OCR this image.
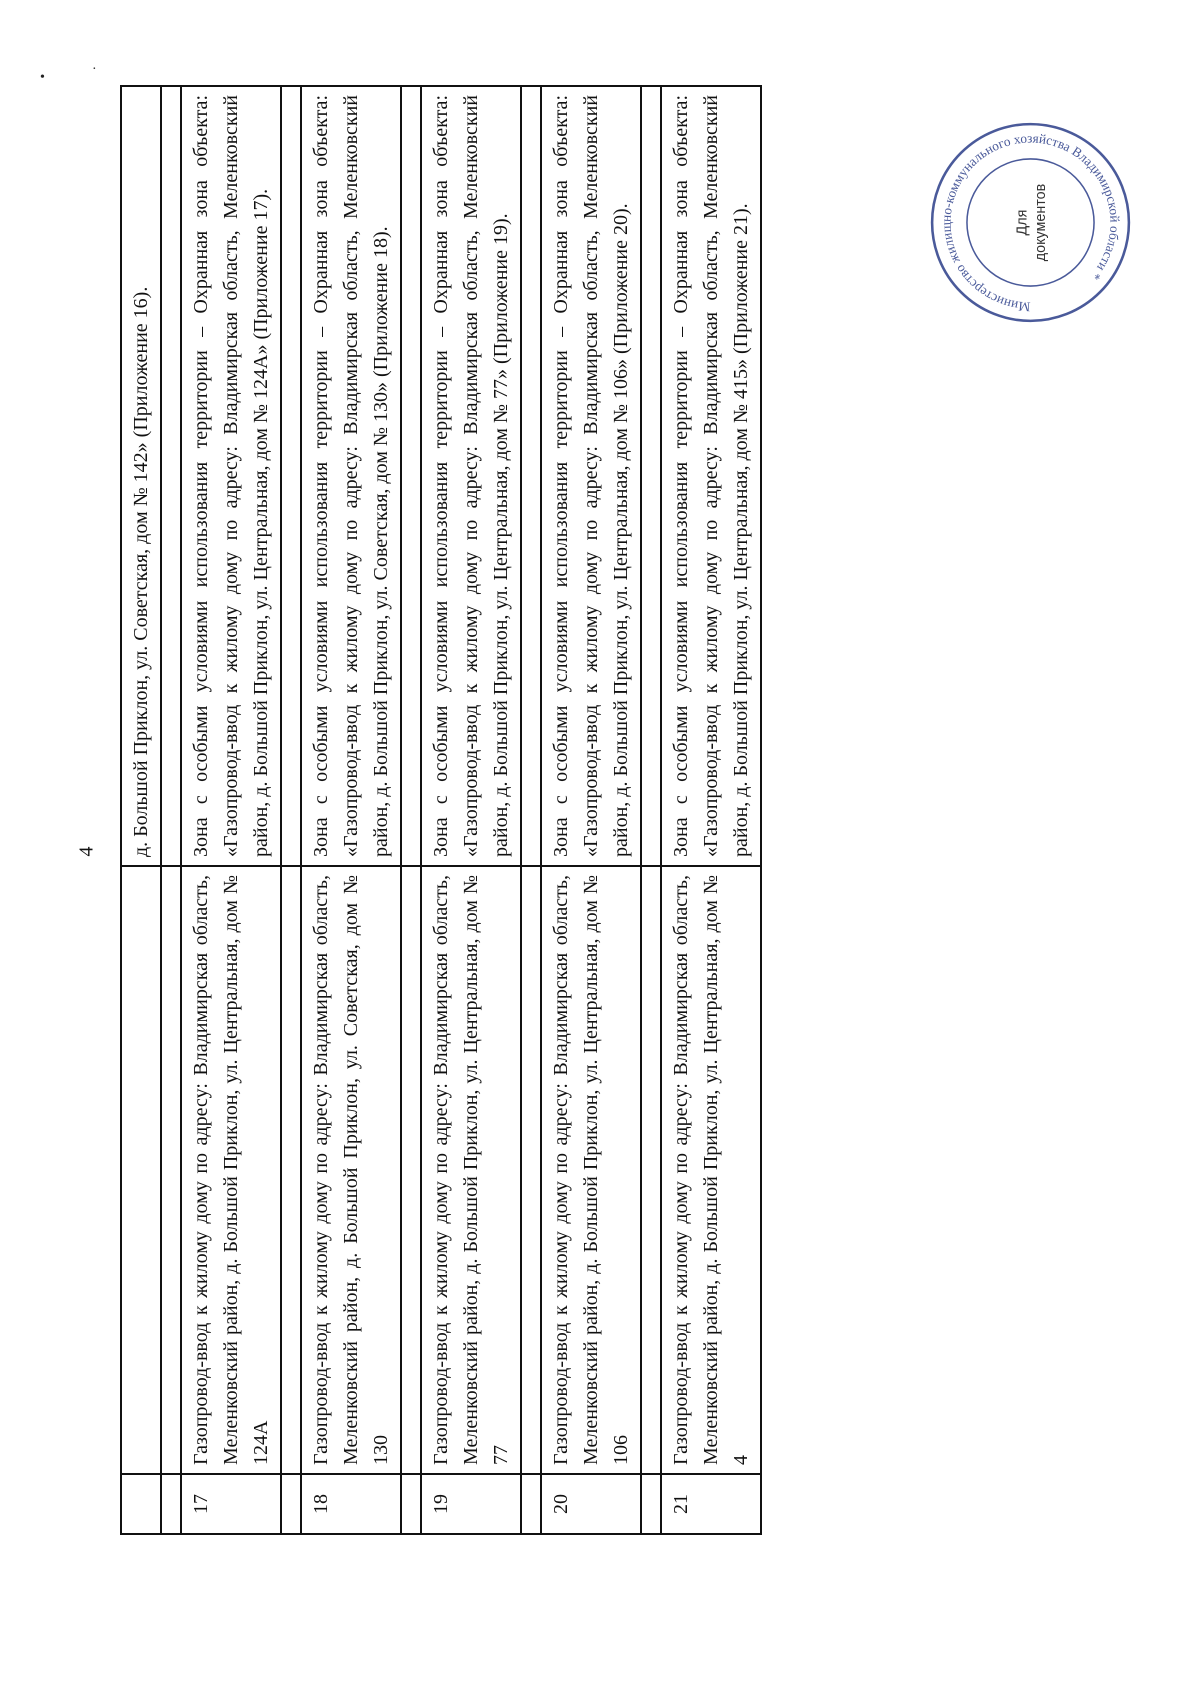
•
·
4
		д. Большой Приклон, ул. Советская, дом № 142» (Приложение 16).

17	Газопровод-ввод к жилому дому по адресу: Владимирская область, Меленковский район, д. Большой Приклон, ул. Центральная, дом № 124А	Зона с особыми условиями использования территории – Охранная зона объекта: «Газопровод-ввод к жилому дому по адресу: Владимирская область, Меленковский район, д. Большой Приклон, ул. Центральная, дом № 124А» (Приложение 17).

18	Газопровод-ввод к жилому дому по адресу: Владимирская область, Меленковский район, д. Большой Приклон, ул. Советская, дом № 130	Зона с особыми условиями использования территории – Охранная зона объекта: «Газопровод-ввод к жилому дому по адресу: Владимирская область, Меленковский район, д. Большой Приклон, ул. Советская, дом № 130» (Приложение 18).

19	Газопровод-ввод к жилому дому по адресу: Владимирская область, Меленковский район, д. Большой Приклон, ул. Центральная, дом № 77	Зона с особыми условиями использования территории – Охранная зона объекта: «Газопровод-ввод к жилому дому по адресу: Владимирская область, Меленковский район, д. Большой Приклон, ул. Центральная, дом № 77» (Приложение 19).

20	Газопровод-ввод к жилому дому по адресу: Владимирская область, Меленковский район, д. Большой Приклон, ул. Центральная, дом № 106	Зона с особыми условиями использования территории – Охранная зона объекта: «Газопровод-ввод к жилому дому по адресу: Владимирская область, Меленковский район, д. Большой Приклон, ул. Центральная, дом № 106» (Приложение 20).

21	Газопровод-ввод к жилому дому по адресу: Владимирская область, Меленковский район, д. Большой Приклон, ул. Центральная, дом № 4	Зона с особыми условиями использования территории – Охранная зона объекта: «Газопровод-ввод к жилому дому по адресу: Владимирская область, Меленковский район, д. Большой Приклон, ул. Центральная, дом № 415» (Приложение 21).	Министерство жилищно-коммунального хозяйства Владимирской области *
Для документов
